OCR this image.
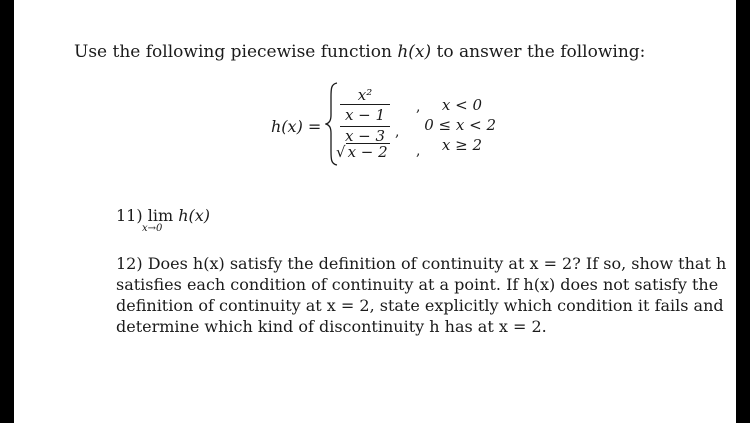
Use the following piecewise function h(x) to answer the following:
h(x) =
x²
x − 1
x − 3
√ x − 2
,
,
,
x < 0
0 ≤ x < 2
x ≥ 2
11) lim h(x)
x→0
12) Does h(x) satisfy the definition of continuity at x = 2? If so, show that h
satisfies each condition of continuity at a point. If h(x) does not satisfy the
definition of continuity at x = 2, state explicitly which condition it fails and
determine which kind of discontinuity h has at x = 2.
